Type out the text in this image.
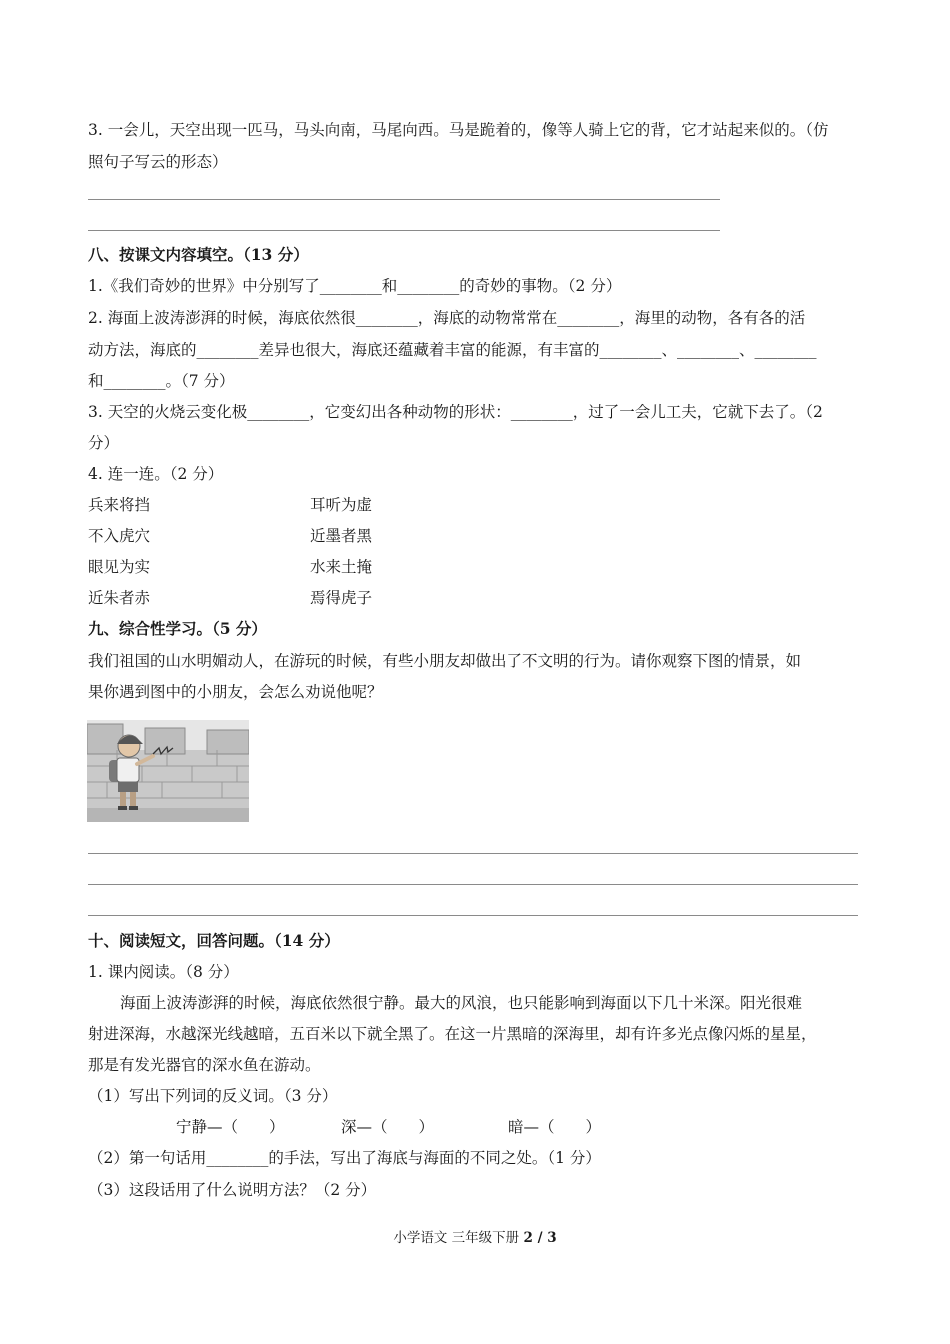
3. 一会儿，天空出现一匹马，马头向南，马尾向西。马是跪着的，像等人骑上它的背，它才站起来似的。（仿
照句子写云的形态）
八、按课文内容填空。（13 分）
1.《我们奇妙的世界》中分别写了________和________的奇妙的事物。（2 分）
2. 海面上波涛澎湃的时候，海底依然很________，海底的动物常常在________，海里的动物，各有各的活
动方法，海底的________差异也很大，海底还蕴藏着丰富的能源，有丰富的________、________、________
和________。（7 分）
3. 天空的火烧云变化极________，它变幻出各种动物的形状：________，过了一会儿工夫，它就下去了。（2
分）
4. 连一连。（2 分）
兵来将挡	耳听为虚
不入虎穴	近墨者黑
眼见为实	水来土掩
近朱者赤	焉得虎子
九、综合性学习。（5 分）
我们祖国的山水明媚动人，在游玩的时候，有些小朋友却做出了不文明的行为。请你观察下图的情景，如
果你遇到图中的小朋友，会怎么劝说他呢？
十、阅读短文，回答问题。（14 分）
1. 课内阅读。（8 分）
海面上波涛澎湃的时候，海底依然很宁静。最大的风浪，也只能影响到海面以下几十米深。阳光很难
射进深海，水越深光线越暗，五百米以下就全黑了。在这一片黑暗的深海里，却有许多光点像闪烁的星星，
那是有发光器官的深水鱼在游动。
（1）写出下列词的反义词。（3 分）
宁静—（　　）	深—（　　）	暗—（　　）
（2）第一句话用________的手法，写出了海底与海面的不同之处。（1 分）
（3）这段话用了什么说明方法？（2 分）
小学语文 三年级下册 2 / 3
